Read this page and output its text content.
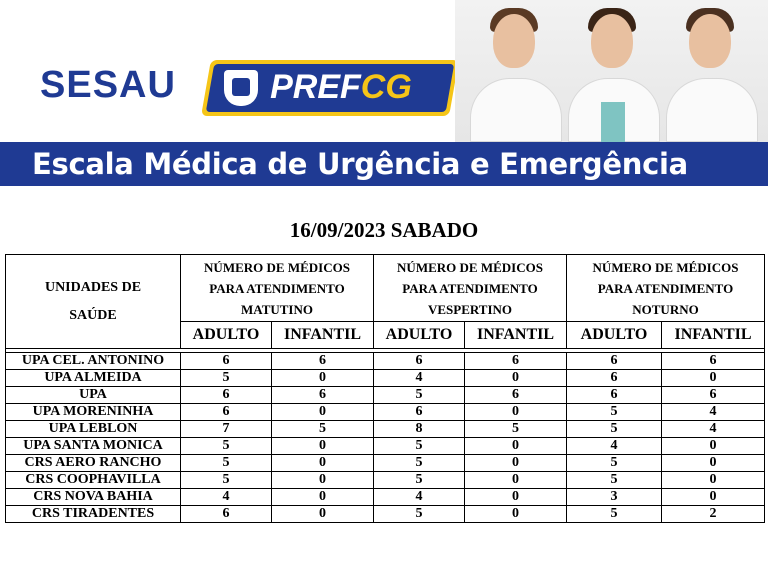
SESAU	PREFCG
Escala Médica de Urgência e Emergência
16/09/2023 SABADO
UNIDADES DE
SAÚDE	NÚMERO DE MÉDICOS
PARA ATENDIMENTO
MATUTINO		NÚMERO DE MÉDICOS
PARA ATENDIMENTO
VESPERTINO		NÚMERO DE MÉDICOS
PARA ATENDIMENTO
NOTURNO	
	ADULTO	INFANTIL	ADULTO	INFANTIL	ADULTO	INFANTIL

UPA CEL. ANTONINO	6	6	6	6	6	6
UPA ALMEIDA	5	0	4	0	6	0
UPA	6	6	5	6	6	6
UPA MORENINHA	6	0	6	0	5	4
UPA LEBLON	7	5	8	5	5	4
UPA SANTA MONICA	5	0	5	0	4	0
CRS AERO RANCHO	5	0	5	0	5	0
CRS COOPHAVILLA	5	0	5	0	5	0
CRS NOVA BAHIA	4	0	4	0	3	0
CRS TIRADENTES	6	0	5	0	5	2
